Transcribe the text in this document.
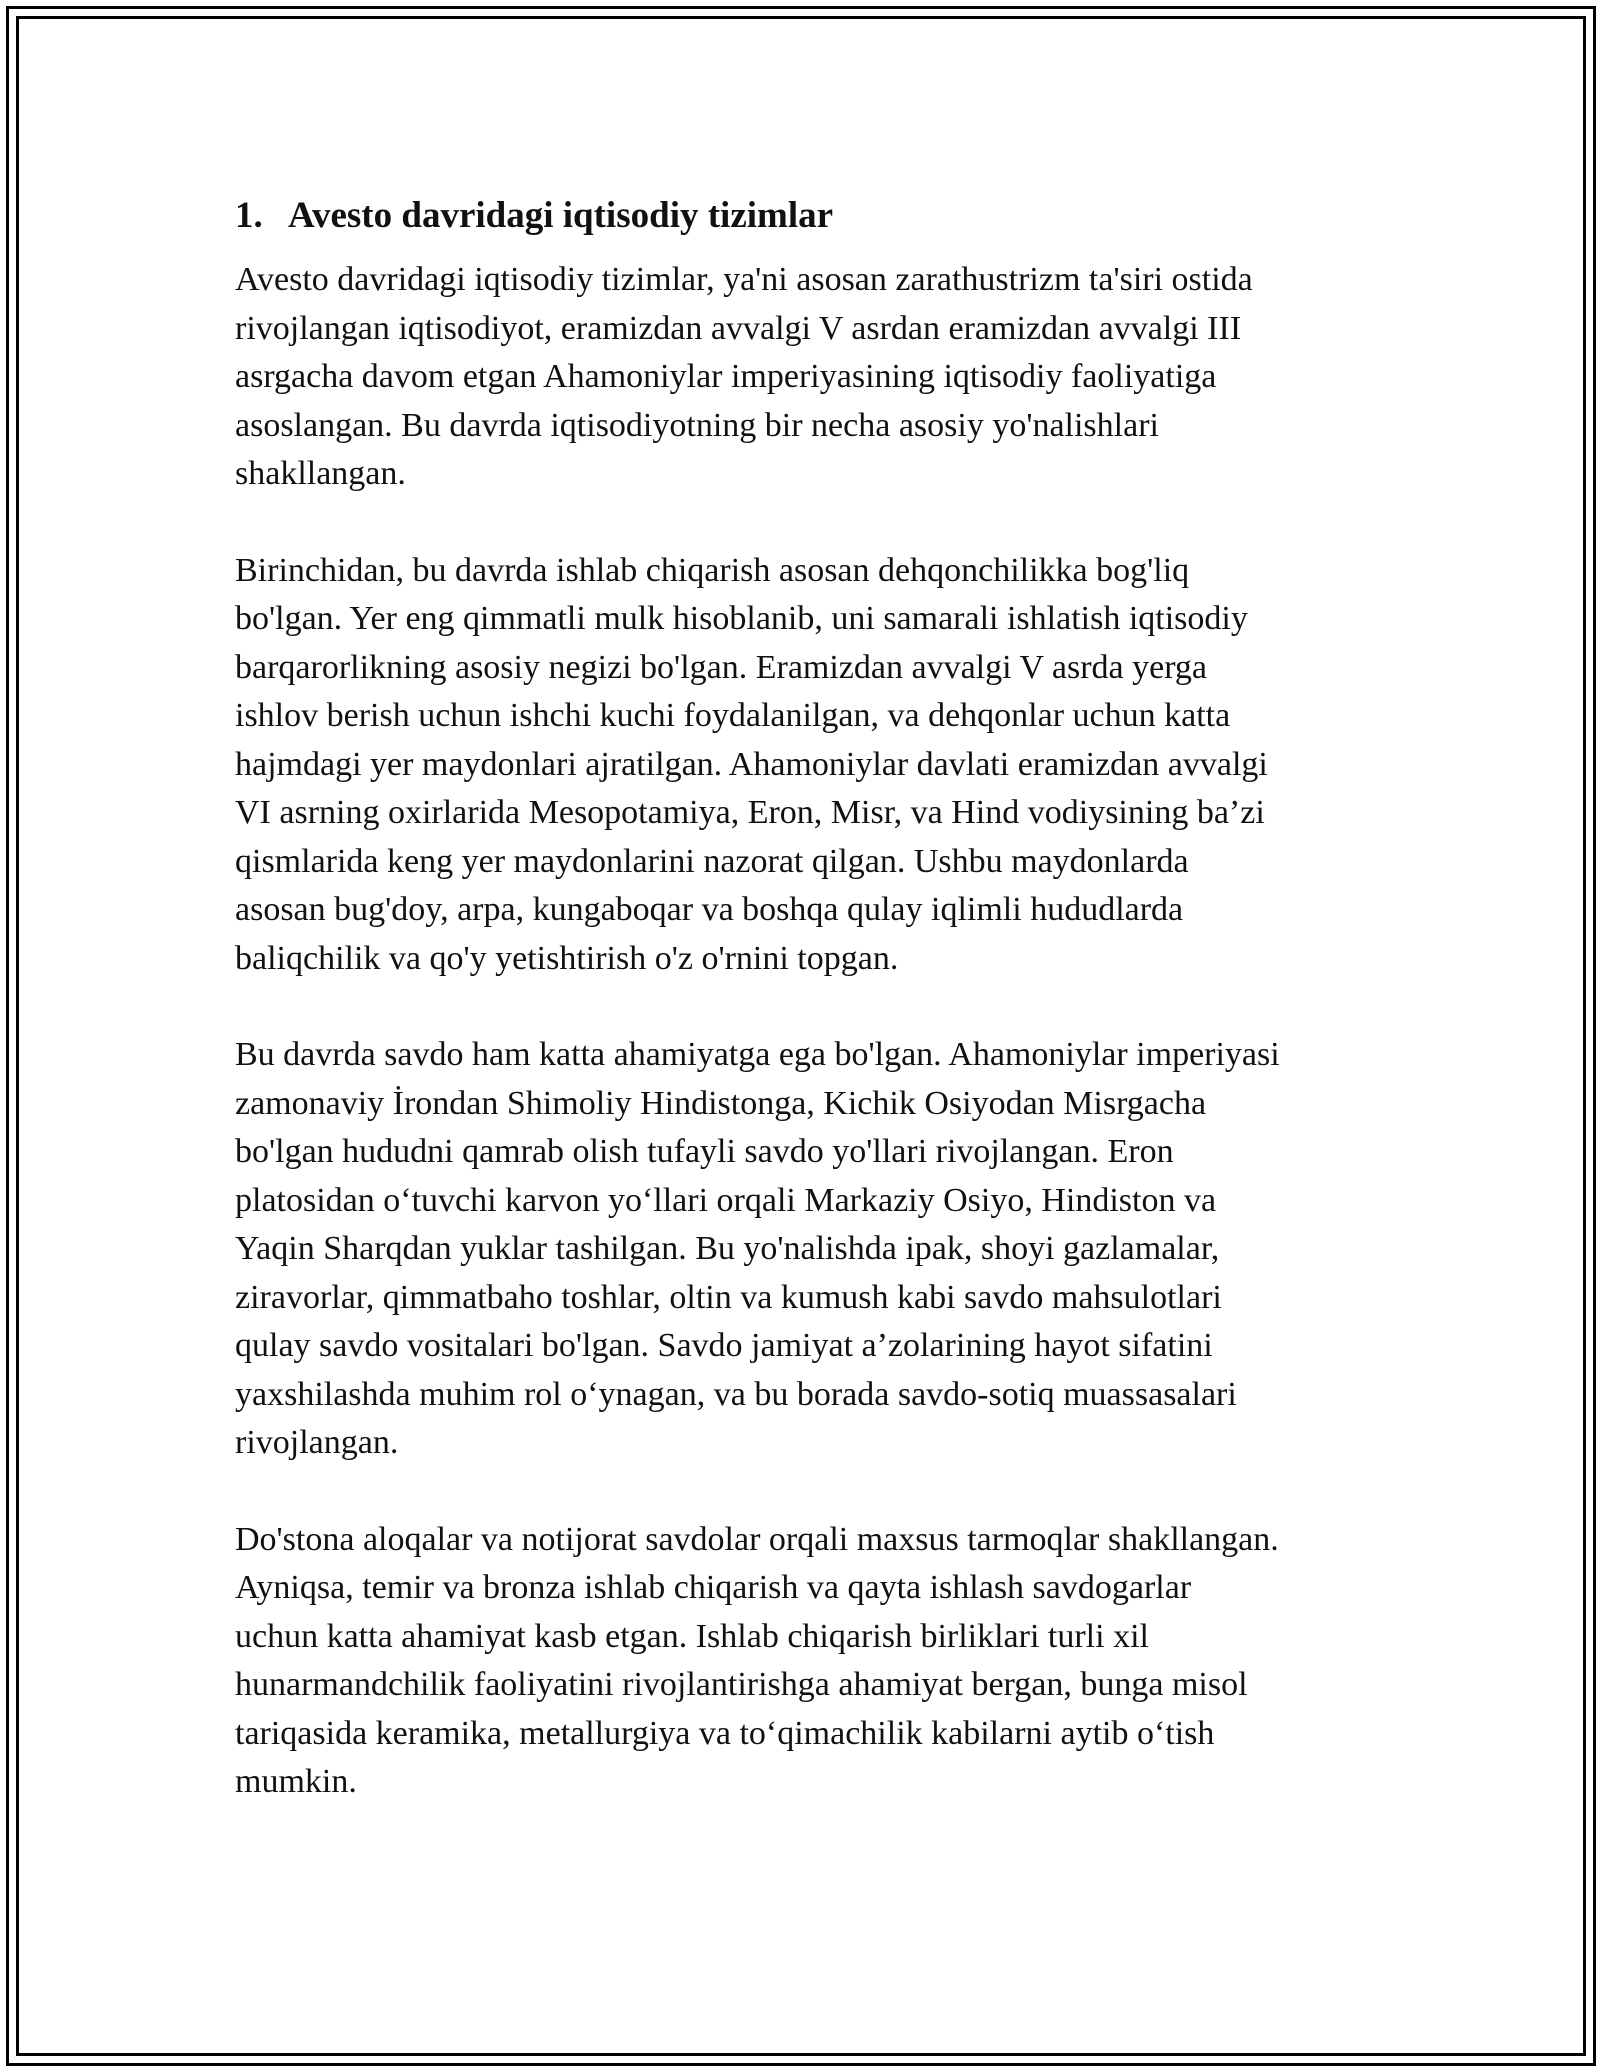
1. Avesto davridagi iqtisodiy tizimlar

Avesto davridagi iqtisodiy tizimlar, ya'ni asosan zarathustrizm ta'siri ostida
rivojlangan iqtisodiyot, eramizdan avvalgi V asrdan eramizdan avvalgi III
asrgacha davom etgan Ahamoniylar imperiyasining iqtisodiy faoliyatiga
asoslangan. Bu davrda iqtisodiyotning bir necha asosiy yo'nalishlari
shakllangan.

Birinchidan, bu davrda ishlab chiqarish asosan dehqonchilikka bog'liq
bo'lgan. Yer eng qimmatli mulk hisoblanib, uni samarali ishlatish iqtisodiy
barqarorlikning asosiy negizi bo'lgan. Eramizdan avvalgi V asrda yerga
ishlov berish uchun ishchi kuchi foydalanilgan, va dehqonlar uchun katta
hajmdagi yer maydonlari ajratilgan. Ahamoniylar davlati eramizdan avvalgi
VI asrning oxirlarida Mesopotamiya, Eron, Misr, va Hind vodiysining ba’zi
qismlarida keng yer maydonlarini nazorat qilgan. Ushbu maydonlarda
asosan bug'doy, arpa, kungaboqar va boshqa qulay iqlimli hududlarda
baliqchilik va qo'y yetishtirish o'z o'rnini topgan.

Bu davrda savdo ham katta ahamiyatga ega bo'lgan. Ahamoniylar imperiyasi
zamonaviy İrondan Shimoliy Hindistonga, Kichik Osiyodan Misrgacha
bo'lgan hududni qamrab olish tufayli savdo yo'llari rivojlangan. Eron
platosidan o‘tuvchi karvon yo‘llari orqali Markaziy Osiyo, Hindiston va
Yaqin Sharqdan yuklar tashilgan. Bu yo'nalishda ipak, shoyi gazlamalar,
ziravorlar, qimmatbaho toshlar, oltin va kumush kabi savdo mahsulotlari
qulay savdo vositalari bo'lgan. Savdo jamiyat a’zolarining hayot sifatini
yaxshilashda muhim rol o‘ynagan, va bu borada savdo-sotiq muassasalari
rivojlangan.

Do'stona aloqalar va notijorat savdolar orqali maxsus tarmoqlar shakllangan.
Ayniqsa, temir va bronza ishlab chiqarish va qayta ishlash savdogarlar
uchun katta ahamiyat kasb etgan. Ishlab chiqarish birliklari turli xil
hunarmandchilik faoliyatini rivojlantirishga ahamiyat bergan, bunga misol
tariqasida keramika, metallurgiya va to‘qimachilik kabilarni aytib o‘tish
mumkin.
